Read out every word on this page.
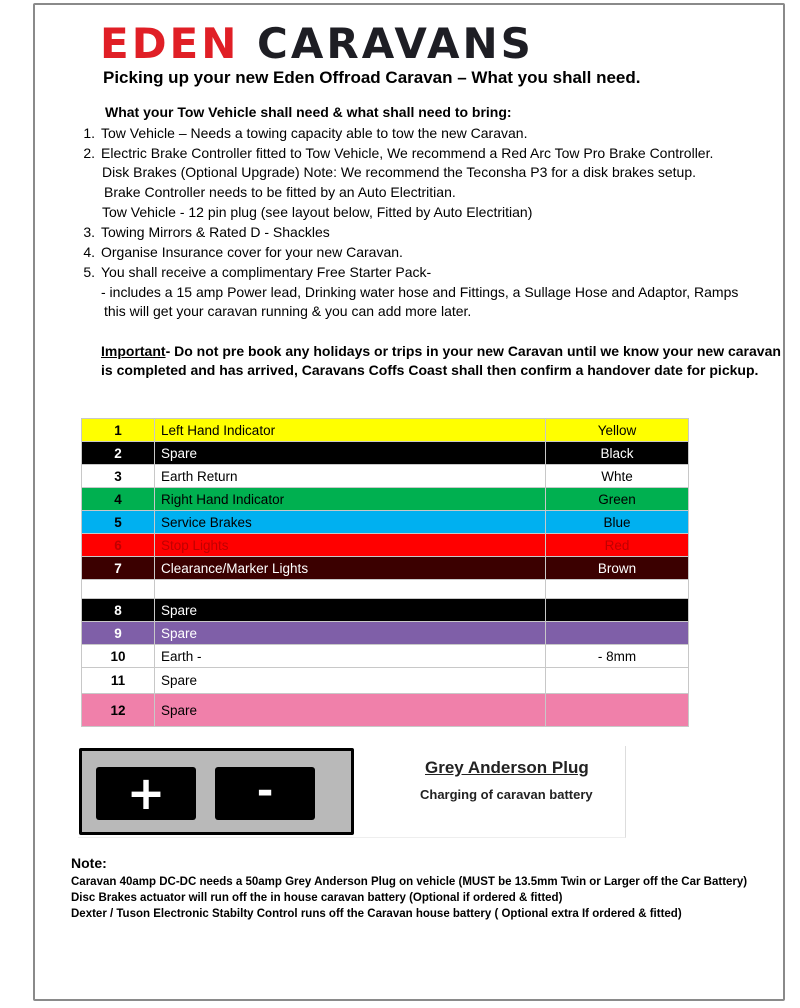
EDEN CARAVANS
Picking up your new Eden Offroad Caravan – What you shall need.
What your Tow Vehicle shall need & what shall need to bring:
1. Tow Vehicle – Needs a towing capacity able to tow the new Caravan.
2. Electric Brake Controller fitted to Tow Vehicle, We recommend a Red Arc Tow Pro Brake Controller.
Disk Brakes (Optional Upgrade) Note: We recommend the Teconsha P3 for a disk brakes setup.
Brake Controller needs to be fitted by an Auto Electritian.
Tow Vehicle - 12 pin plug (see layout below, Fitted by Auto Electritian)
3. Towing Mirrors & Rated D - Shackles
4. Organise Insurance cover for your new Caravan.
5. You shall receive a complimentary Free Starter Pack-
- includes a 15 amp Power lead, Drinking water hose and Fittings, a Sullage Hose and Adaptor, Ramps
this will get your caravan running & you can add more later.
Important- Do not pre book any holidays or trips in your new Caravan until we know your new caravan is completed and has arrived, Caravans Coffs Coast shall then confirm a handover date for pickup.
1	Left Hand Indicator	Yellow
2	Spare	Black
3	Earth Return	Whte
4	Right Hand Indicator	Green
5	Service Brakes	Blue
6	Stop Lights	Red
7	Clearance/Marker Lights	Brown

8	Spare	
9	Spare	
10	Earth -	- 8mm
11	Spare	
12	Spare	
+	-
Grey Anderson Plug
Charging of caravan battery
Note:
Caravan 40amp DC-DC needs a 50amp Grey Anderson Plug on vehicle (MUST be 13.5mm Twin or Larger off the Car Battery)
Disc Brakes actuator will run off the in house caravan battery (Optional if ordered & fitted)
Dexter / Tuson Electronic Stabilty Control runs off the Caravan house battery ( Optional extra If ordered & fitted)
